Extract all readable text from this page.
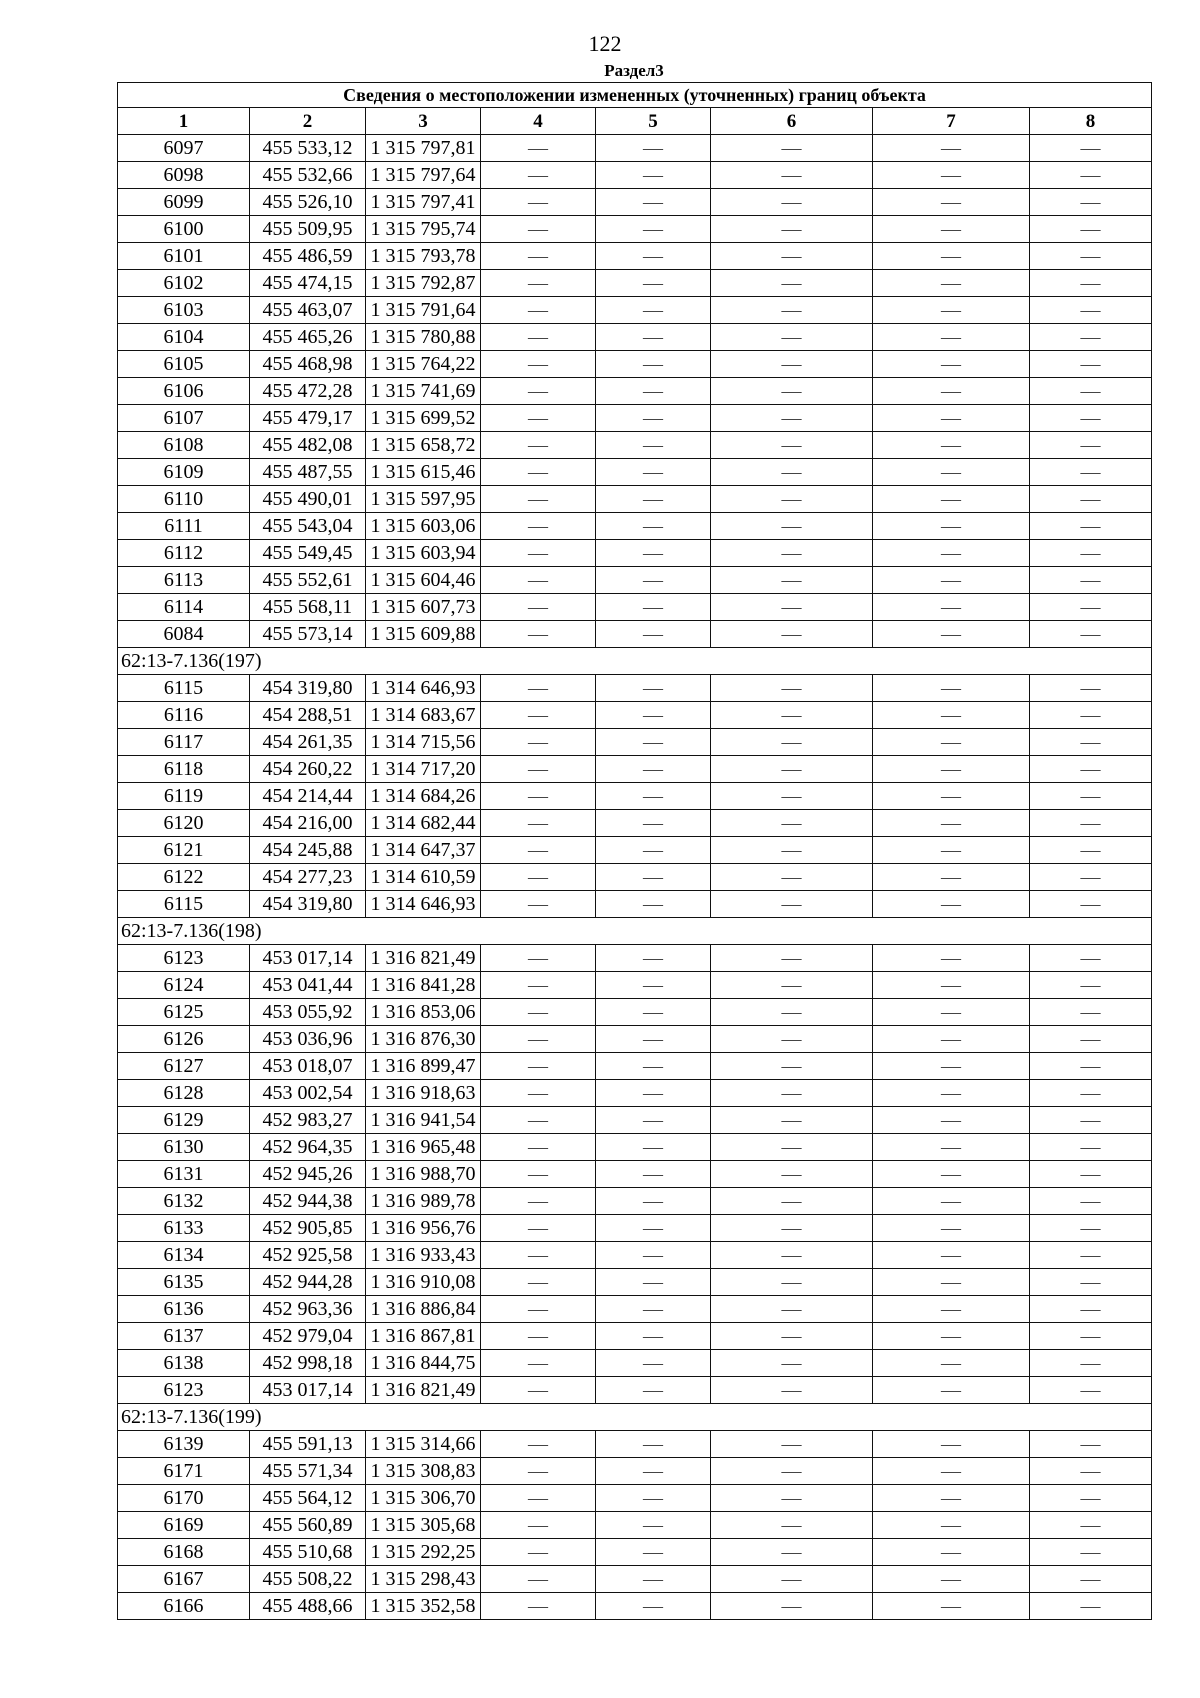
122
Раздел3
Сведения о местоположении измененных (уточненных) границ объекта							
1	2	3	4	5	6	7	8
6097	455 533,12	1 315 797,81	—	—	—	—	—
6098	455 532,66	1 315 797,64	—	—	—	—	—
6099	455 526,10	1 315 797,41	—	—	—	—	—
6100	455 509,95	1 315 795,74	—	—	—	—	—
6101	455 486,59	1 315 793,78	—	—	—	—	—
6102	455 474,15	1 315 792,87	—	—	—	—	—
6103	455 463,07	1 315 791,64	—	—	—	—	—
6104	455 465,26	1 315 780,88	—	—	—	—	—
6105	455 468,98	1 315 764,22	—	—	—	—	—
6106	455 472,28	1 315 741,69	—	—	—	—	—
6107	455 479,17	1 315 699,52	—	—	—	—	—
6108	455 482,08	1 315 658,72	—	—	—	—	—
6109	455 487,55	1 315 615,46	—	—	—	—	—
6110	455 490,01	1 315 597,95	—	—	—	—	—
6111	455 543,04	1 315 603,06	—	—	—	—	—
6112	455 549,45	1 315 603,94	—	—	—	—	—
6113	455 552,61	1 315 604,46	—	—	—	—	—
6114	455 568,11	1 315 607,73	—	—	—	—	—
6084	455 573,14	1 315 609,88	—	—	—	—	—
62:13-7.136(197)							
6115	454 319,80	1 314 646,93	—	—	—	—	—
6116	454 288,51	1 314 683,67	—	—	—	—	—
6117	454 261,35	1 314 715,56	—	—	—	—	—
6118	454 260,22	1 314 717,20	—	—	—	—	—
6119	454 214,44	1 314 684,26	—	—	—	—	—
6120	454 216,00	1 314 682,44	—	—	—	—	—
6121	454 245,88	1 314 647,37	—	—	—	—	—
6122	454 277,23	1 314 610,59	—	—	—	—	—
6115	454 319,80	1 314 646,93	—	—	—	—	—
62:13-7.136(198)							
6123	453 017,14	1 316 821,49	—	—	—	—	—
6124	453 041,44	1 316 841,28	—	—	—	—	—
6125	453 055,92	1 316 853,06	—	—	—	—	—
6126	453 036,96	1 316 876,30	—	—	—	—	—
6127	453 018,07	1 316 899,47	—	—	—	—	—
6128	453 002,54	1 316 918,63	—	—	—	—	—
6129	452 983,27	1 316 941,54	—	—	—	—	—
6130	452 964,35	1 316 965,48	—	—	—	—	—
6131	452 945,26	1 316 988,70	—	—	—	—	—
6132	452 944,38	1 316 989,78	—	—	—	—	—
6133	452 905,85	1 316 956,76	—	—	—	—	—
6134	452 925,58	1 316 933,43	—	—	—	—	—
6135	452 944,28	1 316 910,08	—	—	—	—	—
6136	452 963,36	1 316 886,84	—	—	—	—	—
6137	452 979,04	1 316 867,81	—	—	—	—	—
6138	452 998,18	1 316 844,75	—	—	—	—	—
6123	453 017,14	1 316 821,49	—	—	—	—	—
62:13-7.136(199)							
6139	455 591,13	1 315 314,66	—	—	—	—	—
6171	455 571,34	1 315 308,83	—	—	—	—	—
6170	455 564,12	1 315 306,70	—	—	—	—	—
6169	455 560,89	1 315 305,68	—	—	—	—	—
6168	455 510,68	1 315 292,25	—	—	—	—	—
6167	455 508,22	1 315 298,43	—	—	—	—	—
6166	455 488,66	1 315 352,58	—	—	—	—	—
